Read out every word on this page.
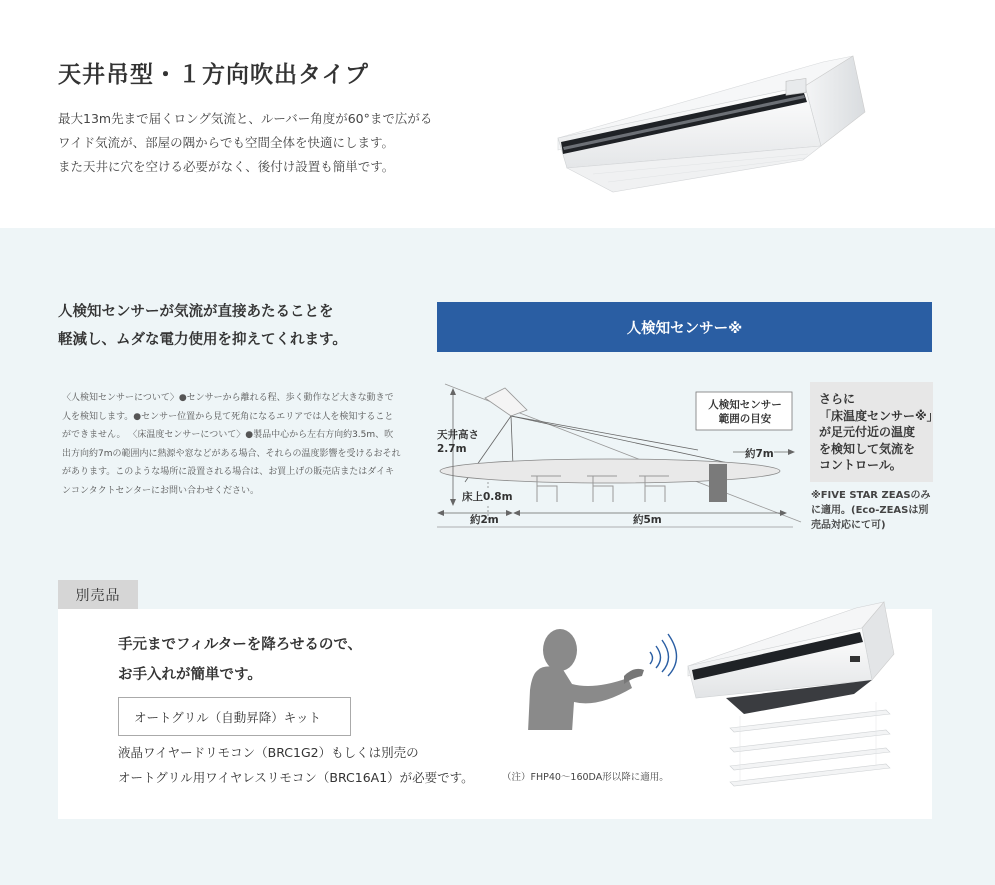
天井吊型・１方向吹出タイプ
最大13m先まで届くロング気流と、ルーバー角度が60°まで広がる
ワイド気流が、部屋の隅からでも空間全体を快適にします。
また天井に穴を空ける必要がなく、後付け設置も簡単です。
人検知センサーが気流が直接あたることを
軽減し、ムダな電力使用を抑えてくれます。
〈人検知センサーについて〉●センサーから離れる程、歩く動作など大きな動きで人を検知します。●センサー位置から見て死角になるエリアでは人を検知することができません。 〈床温度センサーについて〉●製品中心から左右方向約3.5m、吹出方向約7mの範囲内に熱源や窓などがある場合、それらの温度影響を受けるおそれがあります。このような場所に設置される場合は、お買上げの販売店またはダイキンコンタクトセンターにお問い合わせください。
人検知センサー※
天井高さ
2.7m
床上0.8m
人検知センサー
範囲の目安
約7m
約2m	約5m
さらに
「床温度センサー※」
が足元付近の温度
を検知して気流を
コントロール。
※FIVE STAR ZEASのみ
に適用。(Eco-ZEASは別
売品対応にて可)
別売品
手元までフィルターを降ろせるので、
お手入れが簡単です。
オートグリル（自動昇降）キット
液晶ワイヤードリモコン（BRC1G2）もしくは別売の
オートグリル用ワイヤレスリモコン（BRC16A1）が必要です。	（注）FHP40～160DA形以降に適用。
